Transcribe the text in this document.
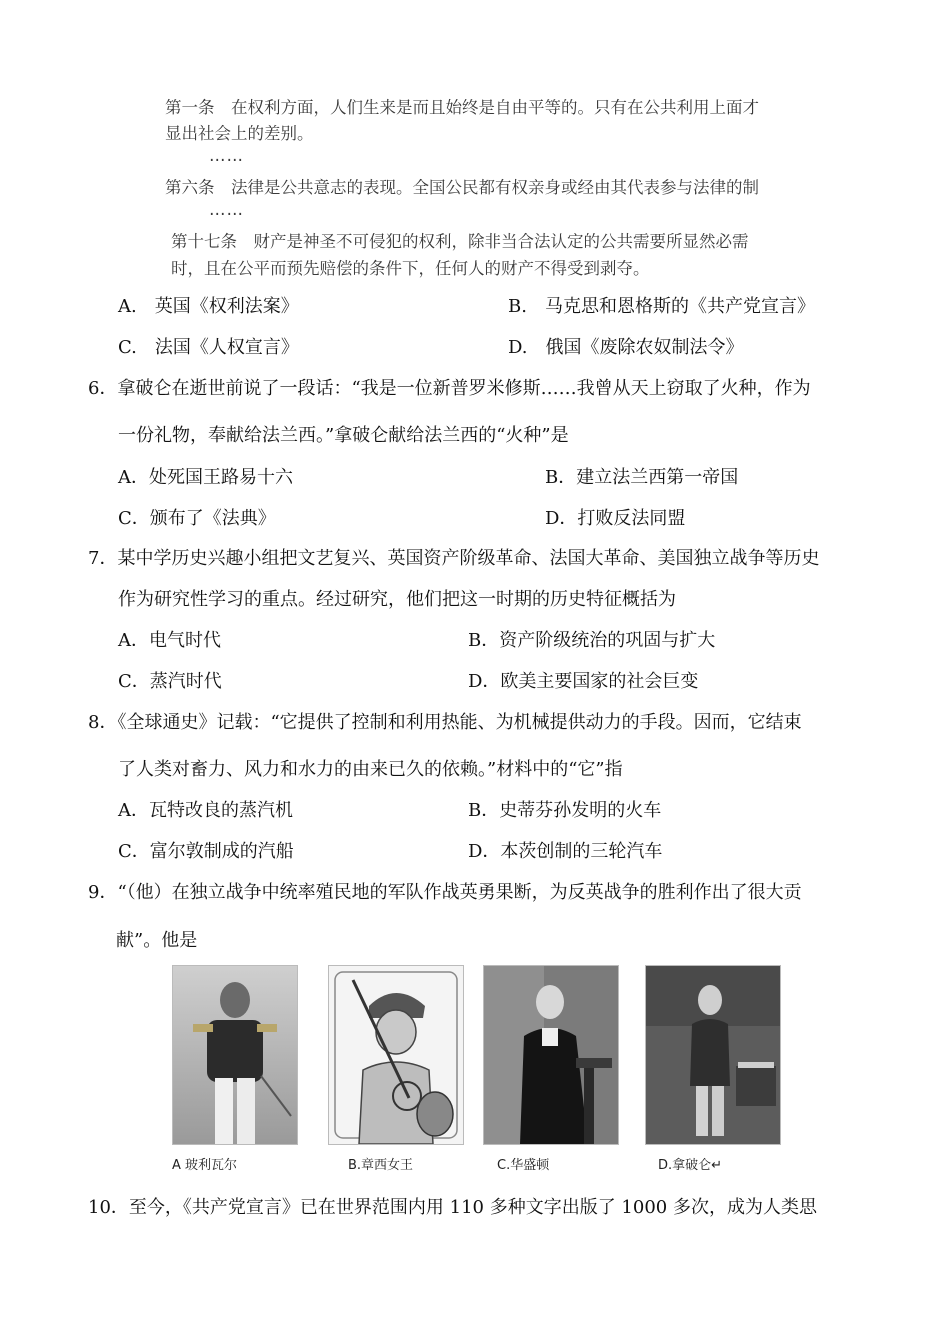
第一条　在权利方面，人们生来是而且始终是自由平等的。只有在公共利用上面才
显出社会上的差别。
……
第六条　法律是公共意志的表现。全国公民都有权亲身或经由其代表参与法律的制
……
第十七条　财产是神圣不可侵犯的权利，除非当合法认定的公共需要所显然必需
时，且在公平而预先赔偿的条件下，任何人的财产不得受到剥夺。
A.　英国《权利法案》	B.　马克思和恩格斯的《共产党宣言》
C.　法国《人权宣言》	D.　俄国《废除农奴制法令》
6．拿破仑在逝世前说了一段话：“我是一位新普罗米修斯……我曾从天上窃取了火种，作为
一份礼物，奉献给法兰西。”拿破仑献给法兰西的“火种”是
A．处死国王路易十六	B．建立法兰西第一帝国
C．颁布了《法典》	D．打败反法同盟
7．某中学历史兴趣小组把文艺复兴、英国资产阶级革命、法国大革命、美国独立战争等历史
作为研究性学习的重点。经过研究，他们把这一时期的历史特征概括为
A．电气时代	B．资产阶级统治的巩固与扩大
C．蒸汽时代	D．欧美主要国家的社会巨变
8．《全球通史》记载：“它提供了控制和利用热能、为机械提供动力的手段。因而，它结束
了人类对畜力、风力和水力的由来已久的依赖。”材料中的“它”指
A．瓦特改良的蒸汽机	B．史蒂芬孙发明的火车
C．富尔敦制成的汽船	D．本茨创制的三轮汽车
9．“（他）在独立战争中统率殖民地的军队作战英勇果断，为反英战争的胜利作出了很大贡
献”。他是
A 玻利瓦尔	B.章西女王	C.华盛顿	D.拿破仑↵
10．至今，《共产党宣言》已在世界范围内用 110 多种文字出版了 1000 多次，成为人类思
